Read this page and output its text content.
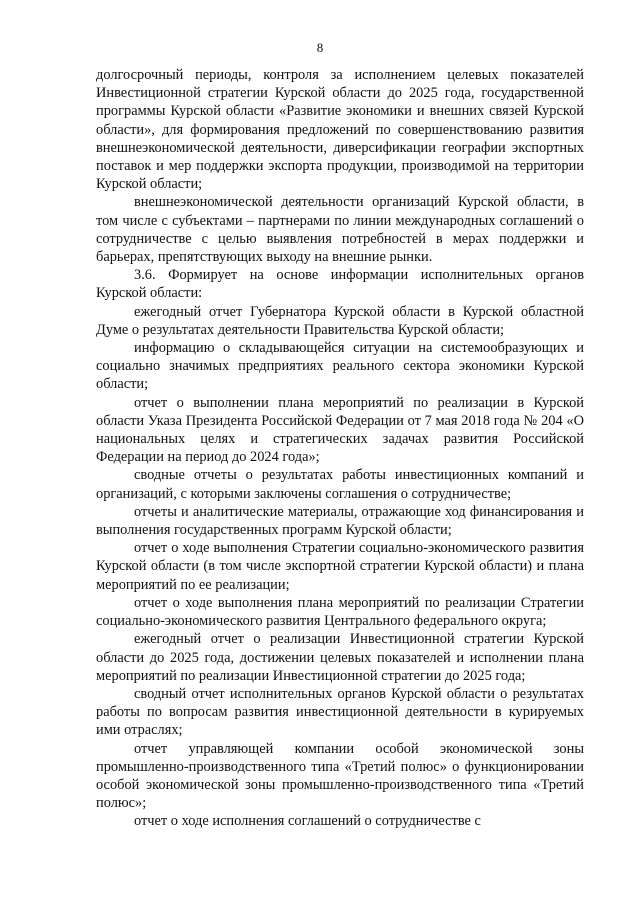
8

долгосрочный периоды, контроля за исполнением целевых показателей Инвестиционной стратегии Курской области до 2025 года, государственной программы Курской области «Развитие экономики и внешних связей Курской области», для формирования предложений по совершенствованию развития внешнеэкономической деятельности, диверсификации географии экспортных поставок и мер поддержки экспорта продукции, производимой на территории Курской области;

внешнеэкономической деятельности организаций Курской области, в том числе с субъектами – партнерами по линии международных соглашений о сотрудничестве с целью выявления потребностей в мерах поддержки и барьерах, препятствующих выходу на внешние рынки.

3.6. Формирует на основе информации исполнительных органов Курской области:

ежегодный отчет Губернатора Курской области в Курской областной Думе о результатах деятельности Правительства Курской области;

информацию о складывающейся ситуации на системообразующих и социально значимых предприятиях реального сектора экономики Курской области;

отчет о выполнении плана мероприятий по реализации в Курской области Указа Президента Российской Федерации от 7 мая 2018 года № 204 «О национальных целях и стратегических задачах развития Российской Федерации на период до 2024 года»;

сводные отчеты о результатах работы инвестиционных компаний и организаций, с которыми заключены соглашения о сотрудничестве;

отчеты и аналитические материалы, отражающие ход финансирования и выполнения государственных программ Курской области;

отчет о ходе выполнения Стратегии социально-экономического развития Курской области (в том числе экспортной стратегии Курской области) и плана мероприятий по ее реализации;

отчет о ходе выполнения плана мероприятий по реализации Стратегии социально-экономического развития Центрального федерального округа;

ежегодный отчет о реализации Инвестиционной стратегии Курской области до 2025 года, достижении целевых показателей и исполнении плана мероприятий по реализации Инвестиционной стратегии до 2025 года;

сводный отчет исполнительных органов Курской области о результатах работы по вопросам развития инвестиционной деятельности в курируемых ими отраслях;

отчет управляющей компании особой экономической зоны промышленно-производственного типа «Третий полюс» о функционировании особой экономической зоны промышленно-производственного типа «Третий полюс»;

отчет о ходе исполнения соглашений о сотрудничестве с
